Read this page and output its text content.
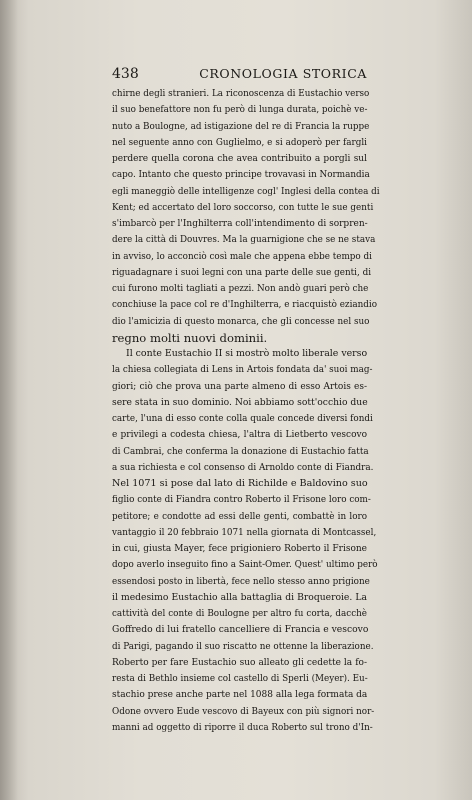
438	CRONOLOGIA STORICA
chirne degli stranieri. La riconoscenza di Eustachio verso
il suo benefattore non fu però di lunga durata, poichè ve-
nuto a Boulogne, ad istigazione del re di Francia la ruppe
nel seguente anno con Guglielmo, e si adoperò per fargli
perdere quella corona che avea contribuito a porgli sul
capo. Intanto che questo principe trovavasi in Normandia
egli maneggiò delle intelligenze cogl' Inglesi della contea di
Kent; ed accertato del loro soccorso, con tutte le sue genti
s'imbarcò per l'Inghilterra coll'intendimento di sorpren-
dere la città di Douvres. Ma la guarnigione che se ne stava
in avviso, lo acconciò così male che appena ebbe tempo di
riguadagnare i suoi legni con una parte delle sue genti, di
cui furono molti tagliati a pezzi. Non andò guari però che
conchiuse la pace col re d'Inghilterra, e riacquistò eziandio
dio l'amicizia di questo monarca, che gli concesse nel suo
regno molti nuovi dominii.
Il conte Eustachio II si mostrò molto liberale verso
la chiesa collegiata di Lens in Artois fondata da' suoi mag-
giori; ciò che prova una parte almeno di esso Artois es-
sere stata in suo dominio. Noi abbiamo sott'occhio due
carte, l'una di esso conte colla quale concede diversi fondi
e privilegi a codesta chiesa, l'altra di Lietberto vescovo
di Cambrai, che conferma la donazione di Eustachio fatta
a sua richiesta e col consenso di Arnoldo conte di Fiandra.
Nel 1071 si pose dal lato di Richilde e Baldovino suo
figlio conte di Fiandra contro Roberto il Frisone loro com-
petitore; e condotte ad essi delle genti, combattè in loro
vantaggio il 20 febbraio 1071 nella giornata di Montcassel,
in cui, giusta Mayer, fece prigioniero Roberto il Frisone
dopo averlo inseguito fino a Saint-Omer. Quest' ultimo però
essendosi posto in libertà, fece nello stesso anno prigione
il medesimo Eustachio alla battaglia di Broqueroie. La
cattività del conte di Boulogne per altro fu corta, dacchè
Goffredo di lui fratello cancelliere di Francia e vescovo
di Parigi, pagando il suo riscatto ne ottenne la liberazione.
Roberto per fare Eustachio suo alleato gli cedette la fo-
resta di Bethlo insieme col castello di Sperli (Meyer). Eu-
stachio prese anche parte nel 1088 alla lega formata da
Odone ovvero Eude vescovo di Bayeux con più signori nor-
manni ad oggetto di riporre il duca Roberto sul trono d'In-
